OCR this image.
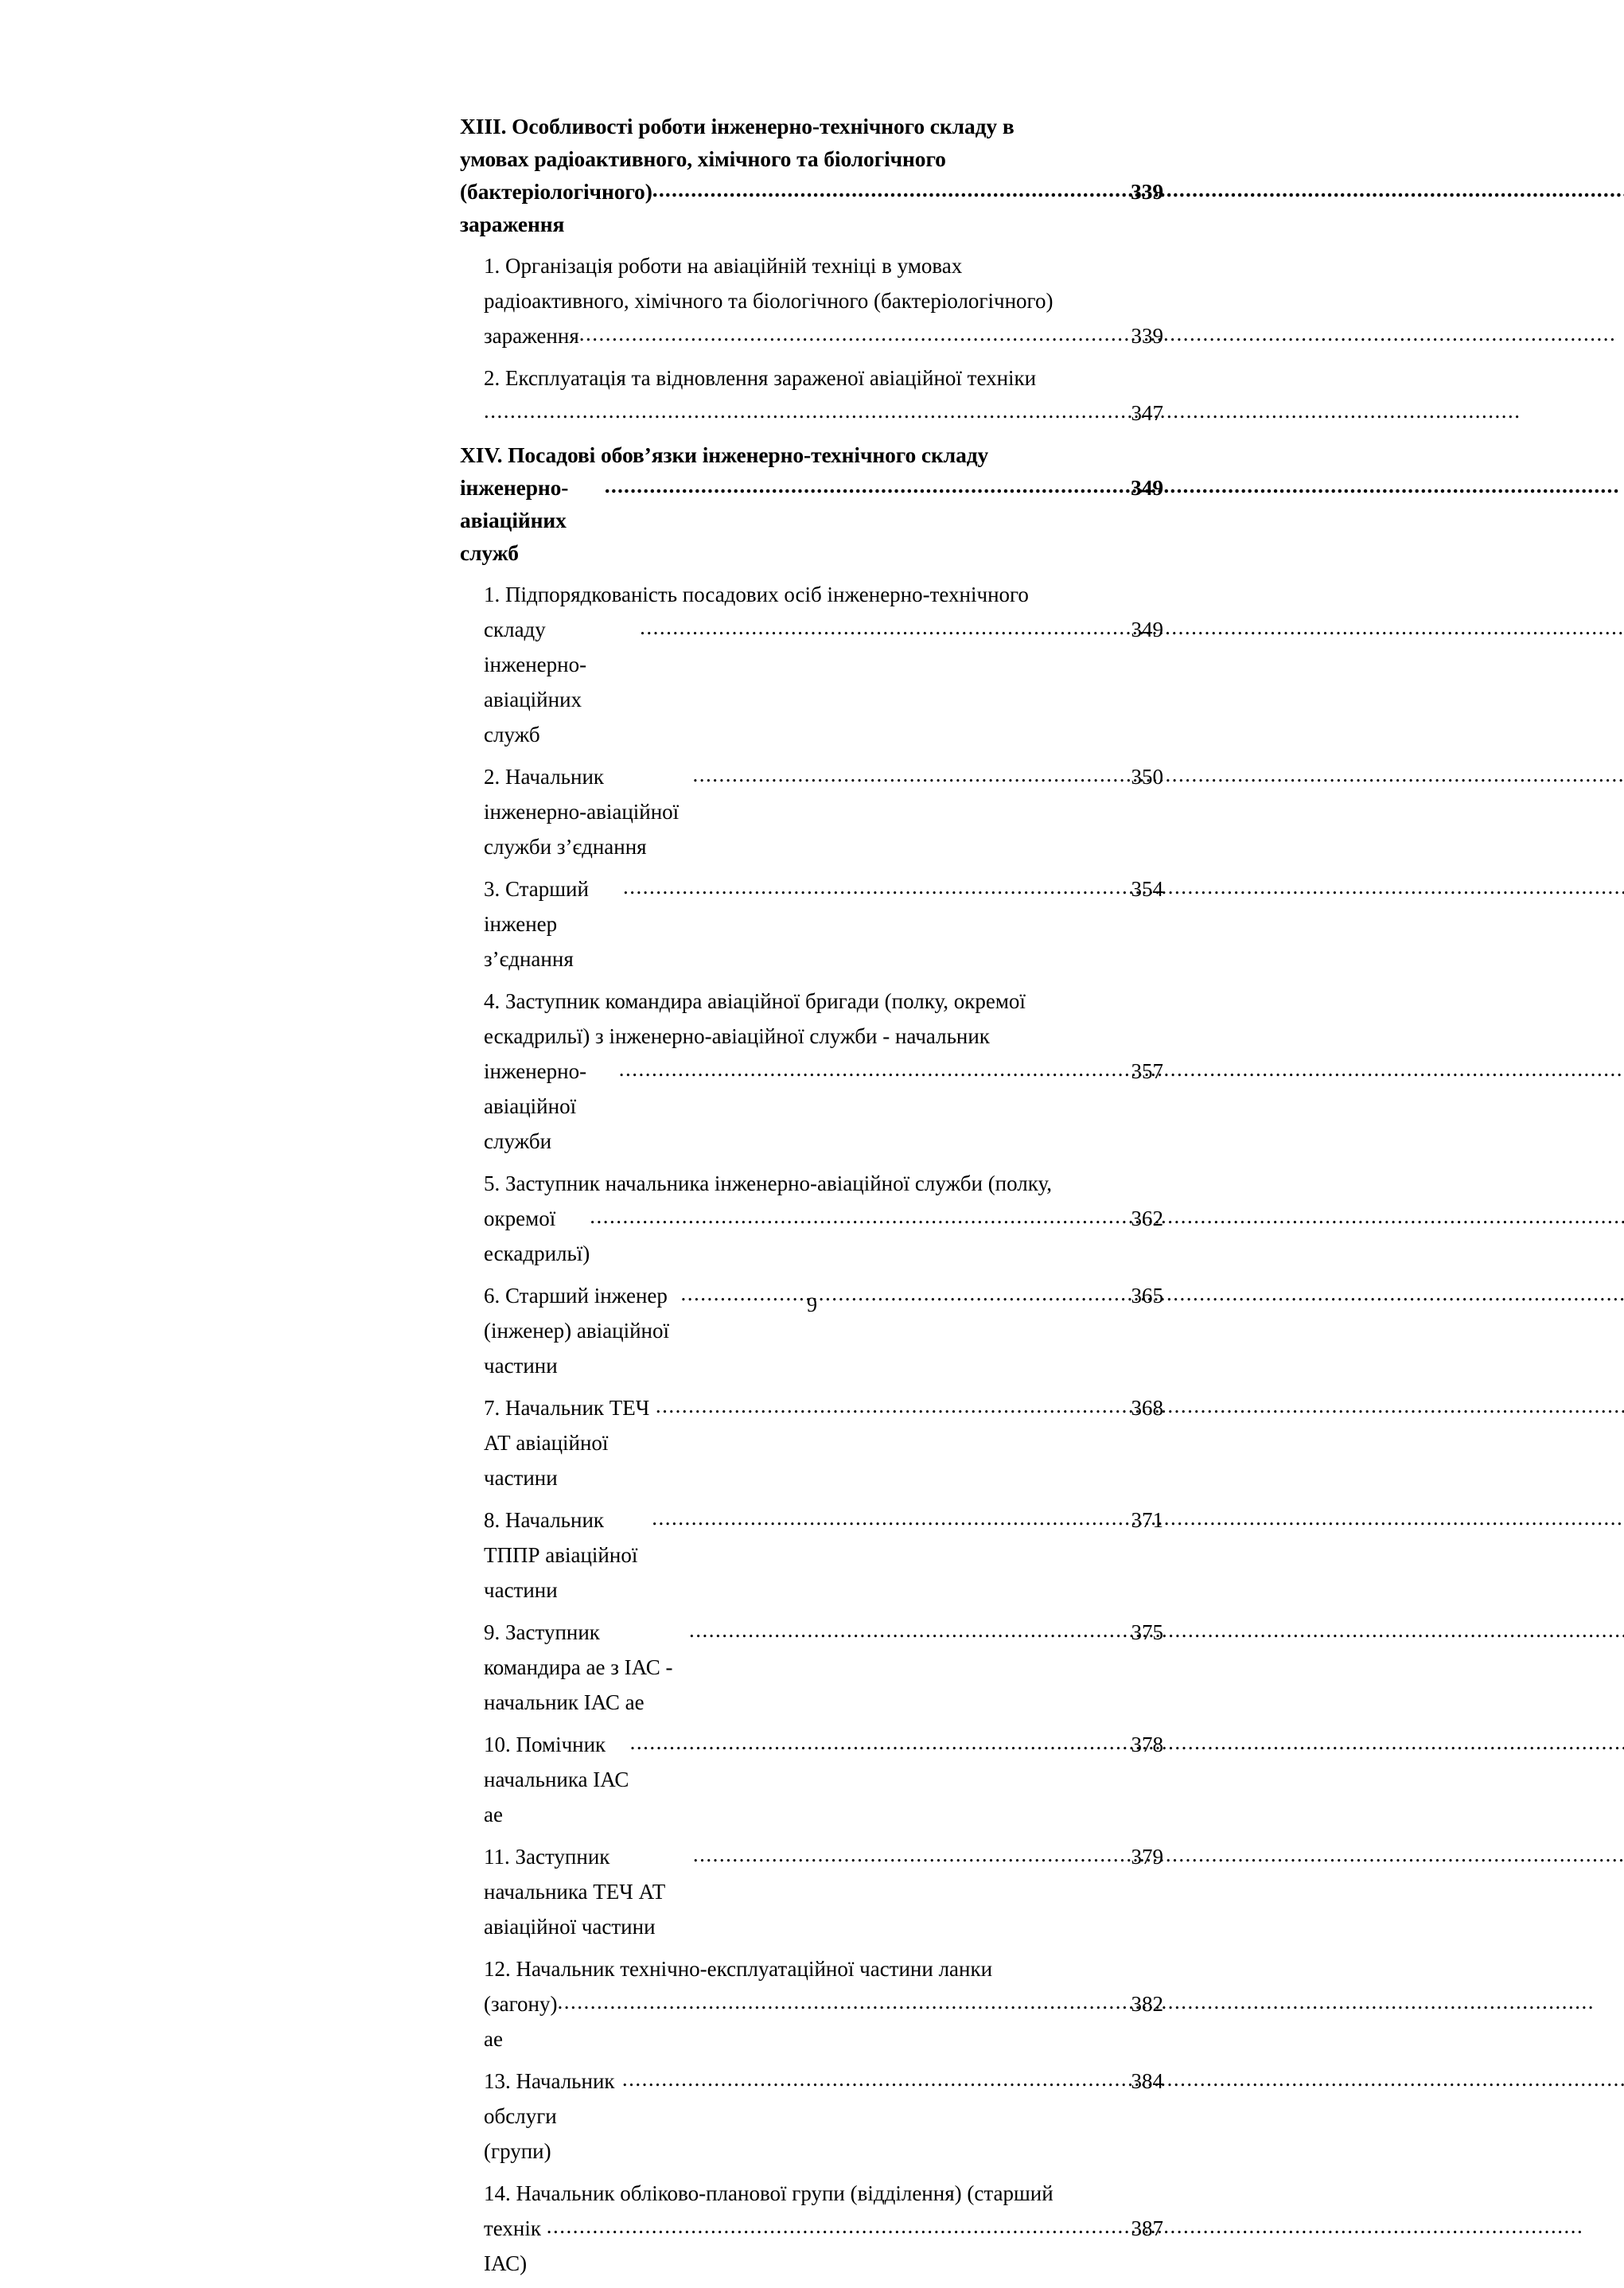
XIII. Особливості роботи інженерно-технічного складу в
умовах радіоактивного, хімічного та біологічного
(бактеріологічного) зараження
.....
339
1. Організація роботи на авіаційній техніці в умовах
радіоактивного, хімічного та біологічного (бактеріологічного)
зараження .....	339
2. Експлуатація та відновлення зараженої авіаційної техніки
.....
347
XIV. Посадові обов’язки інженерно-технічного складу
інженерно-авіаційних служб
.....
349
1. Підпорядкованість посадових осіб інженерно-технічного
складу інженерно-авіаційних служб
.....
349
2. Начальник інженерно-авіаційної служби з’єднання
.....
350
3. Старший інженер з’єднання
.....
354
4. Заступник командира авіаційної бригади (полку, окремої
ескадрильї) з інженерно-авіаційної служби - начальник
інженерно-авіаційної служби
.....
357
5. Заступник начальника інженерно-авіаційної служби (полку,
окремої ескадрильї)
.....
362
6. Старший інженер (інженер) авіаційної частини
.....
365
7. Начальник ТЕЧ АТ авіаційної частини
.....
368
8. Начальник ТППР авіаційної частини
.....
371
9. Заступник командира ае з ІАС -  начальник ІАС ае
.....
375
10. Помічник начальника ІАС ае
.....
378
11. Заступник начальника ТЕЧ АТ авіаційної частини
.....
379
12. Начальник технічно-експлуатаційної частини ланки
(загону) ае
.....
382
13. Начальник обслуги (групи)
.....
384
14. Начальник обліково-планової групи (відділення) (старший
технік ІАС)
.....
387
9
